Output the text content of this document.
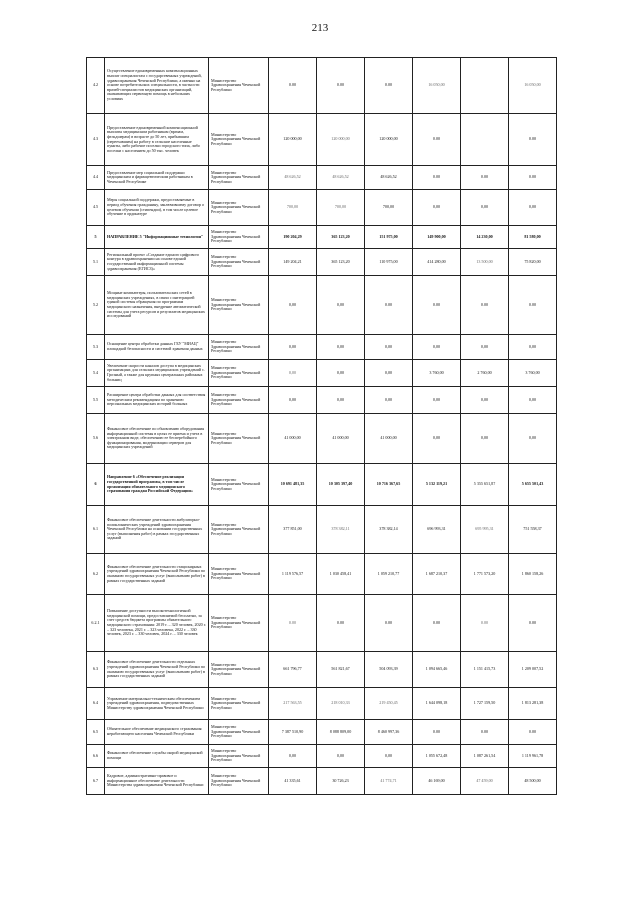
213
4.2	Осуществление единовременных компенсационных выплат специалистам с государственных учреждений, здравоохранения Чеченской Республики, а именно на основе потребительских специальности, в частности врачей-специалистов медицинских организаций, оказывающих первичную помощь в небольших условиях	Министерство Здравоохранения Чеченской Республики	0.00	0.00	0.00	16 050,00		16 050,00
4.3	Предоставление единовременной компенсационной выплаты медицинским работникам (врачам, фельдшерам) в возрасте до 50 лет, прибывшим (переехавшим) на работу в сельские населенные пункты, либо рабочие поселки городского типа, либо поселки с населением до 50 тыс. человек	Министерство Здравоохранения Чеченской Республики	120 000,00	120 000,00	120 000,00	0.00		0.00
4.4	Предоставление мер социальной поддержки медицинским и фармацевтическим работникам в Чеченской Республике	Министерство Здравоохранения Чеченской Республики	48 626,52	48 626,52	48 626,52	0.00	0.00	0.00
4.5	Меры социальной поддержки, предоставляемые в период обучения гражданину, заключившему договор о целевом обучении (стипендии), в том числе целевое обучение в ординатуре	Министерство Здравоохранения Чеченской Республики	700,00	700,00	700,00	0,00	0,00	0,00
5	НАПРАВЛЕНИЕ 5 "Информационные технологии"	Министерство Здравоохранения Чеченской Республики	190 204,29	365 123,20	151 975,00	149 900,00	14 230,00	81 580,00
5.1	Региональный проект «Создание единого цифрового контура в здравоохранении на основе единой государственной информационной системы здравоохранения (ЕГИСЗ)»	Министерство Здравоохранения Чеченской Республики	149 204,21	365 123,20	110 975,00	414 280,00	13 500,00	75 820,00
5.2	Мощные компьютеры, пользовательских сетей в медицинских учреждениях, в связи с интеграцией единой системы обращения по программам медицинского назначения, внедрение автоматической системы для учета ресурсов и результатов медицинских исследований	Министерство Здравоохранения Чеченской Республики	0,00	0,00	0.00	0.00	0.00	0.00
5.3	Оснащение центра обработки данных ГБУ "МИАЦ" площадкой безопасности и системой хранения данных	Министерство Здравоохранения Чеченской Республики	0,00	0,00	0,00	0,00	0,00	0,00
5.4	Увеличение скорости каналов доступа в медицинских организациях для сельских медицинских учреждений с. Грозный, а также для крупных центральных районных больниц	Министерство Здравоохранения Чеченской Республики	0,00	0,00	0,00	3 760,00	2 760,00	3 760,00
5.5	Расширение центра обработки данных для соответствия методическим рекомендациям по хранению персональных медицинских историй больных	Министерство Здравоохранения Чеченской Республики	0,00	0,00	0,00	0,00	0,00	0,00
5.6	Финансовое обеспечение по обновлению оборудования информационной системы в целях ее приема и учета в электронном виде, обеспечению ее бесперебойного функционирования, модернизации серверов для медицинских учреждений	Министерство Здравоохранения Чеченской Республики	41 000,00	41 000,00	41 000,00	0,00	0,00	0,00
6	Направление 6 «Обеспечение реализации государственной программы, в том числе организация обязательного медицинского страхования граждан Российской Федерации»	Министерство Здравоохранения Чеченской Республики	10 691 481,35	10 305 397,40	10 716 367,65	5 132 119,21	5 355 651,87	5 655 501,43
6.1	Финансовое обеспечение деятельности амбулаторно-поликлинических учреждений здравоохранения Чеченской Республики на основании государственных услуг (выполнения работ) в рамках государственных заданий	Министерство Здравоохранения Чеченской Республики	377 851,00	378 382,11	378 382,14	696 993,31	695 995,31	751 558,37
6.2	Финансовое обеспечение деятельности стационарных учреждений здравоохранения Чеченской Республики по оказанию государственных услуг (выполнению работ) в рамках государственных заданий	Министерство Здравоохранения Чеченской Республики	1 119 576,57	1 030 458,41	1 059 210,77	1 687 210,37	1 771 573,20	1 860 158,26
6.2.1	Повышение доступности высокотехнологичной медицинской помощи, предоставляемой бесплатно, за счет средств бюджета программы обязательного медицинского страхования: 2019 г. – 320 человек, 2020 г. – 323 человека, 2021 г. – 323 человека, 2022 г. – 330 человек, 2023 г. – 330 человек, 2024 г. – 330 человек	Министерство Здравоохранения Чеченской Республики	0.00	0.00	0.00	0.00	0.00	0.00
6.3	Финансовое обеспечение деятельности отдельных учреждений здравоохранения Чеченской Республики по оказанию государственных услуг (выполнению работ) в рамках государственных заданий	Министерство Здравоохранения Чеченской Республики	661 796,77	561 821,67	504 093,39	1 094 665,46	1 151 415,73	1 209 007,52
6.4	Управление материально-техническим обеспечением учреждений здравоохранения, подведомственных Министерству здравоохранения Чеченской Республики	Министерство Здравоохранения Чеченской Республики	217 563,55	218 010,33	219 450,45	1 644 098,18	1 727 159,50	1 813 281,38
6.5	Обязательное обеспечение медицинского страхования неработающего населения Чеченской Республики	Министерство Здравоохранения Чеченской Республики	7 387 510,90	8 088 809,00	8 460 997,36	0.00	0.00	0.00
6.6	Финансовое обеспечение службы скорой медицинской помощи	Министерство Здравоохранения Чеченской Республики	0,00	0,00	0,00	1 055 672,48	1 087 261,54	1 119 961,78
6.7	Кадровое, административно-правовое и информационное обеспечение деятельности Министерства здравоохранения Чеченской Республики	Министерство Здравоохранения Чеченской Республики	41 335,61	30 726,23	41 774,71	46 169,00	47 459,00	48 500,00
